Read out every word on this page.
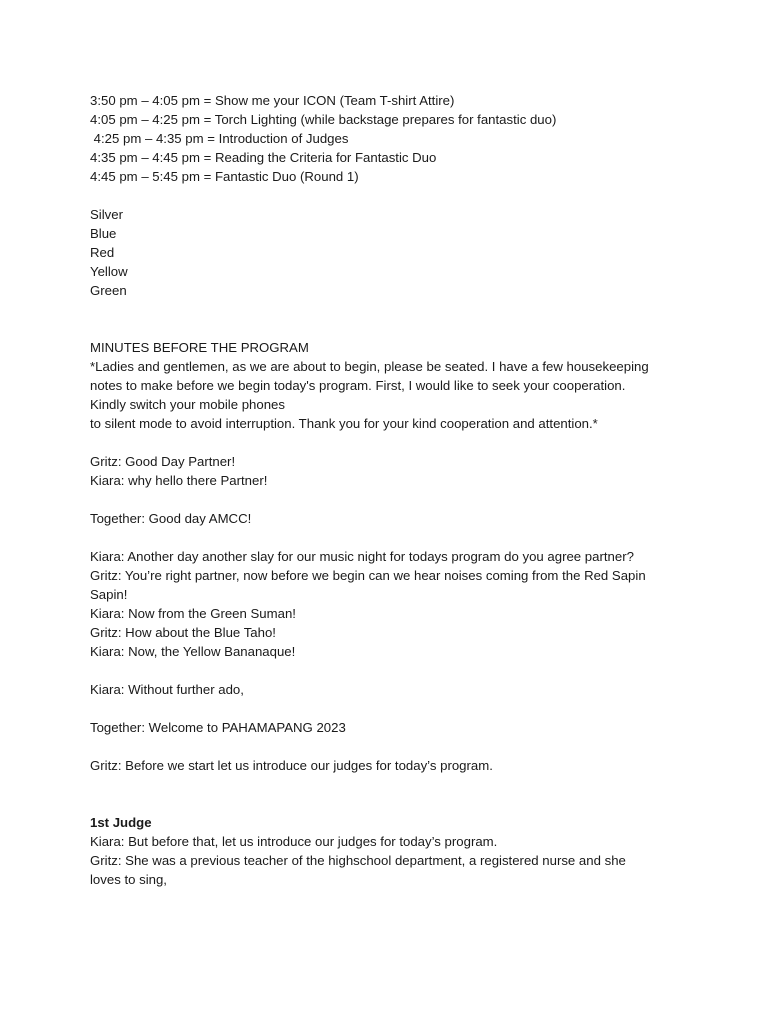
3:50 pm – 4:05 pm = Show me your ICON (Team T-shirt Attire)
4:05 pm – 4:25 pm = Torch Lighting (while backstage prepares for fantastic duo)
4:25 pm – 4:35 pm = Introduction of Judges
4:35 pm – 4:45 pm = Reading the Criteria for Fantastic Duo
4:45 pm – 5:45 pm = Fantastic Duo (Round 1)
Silver
Blue
Red
Yellow
Green
MINUTES BEFORE THE PROGRAM
*Ladies and gentlemen, as we are about to begin, please be seated. I have a few housekeeping
notes to make before we begin today's program. First, I would like to seek your cooperation.
Kindly switch your mobile phones
to silent mode to avoid interruption. Thank you for your kind cooperation and attention.*
Gritz: Good Day Partner!
Kiara: why hello there Partner!
Together: Good day AMCC!
Kiara: Another day another slay for our music night for todays program do you agree partner?
Gritz: You’re right partner, now before we begin can we hear noises coming from the Red Sapin
Sapin!
Kiara: Now from the Green Suman!
Gritz: How about the Blue Taho!
Kiara: Now, the Yellow Bananaque!
Kiara: Without further ado,
Together: Welcome to PAHAMAPANG 2023
Gritz: Before we start let us introduce our judges for today’s program.
1st Judge
Kiara: But before that, let us introduce our judges for today’s program.
Gritz: She was a previous teacher of the highschool department, a registered nurse and she
loves to sing,
